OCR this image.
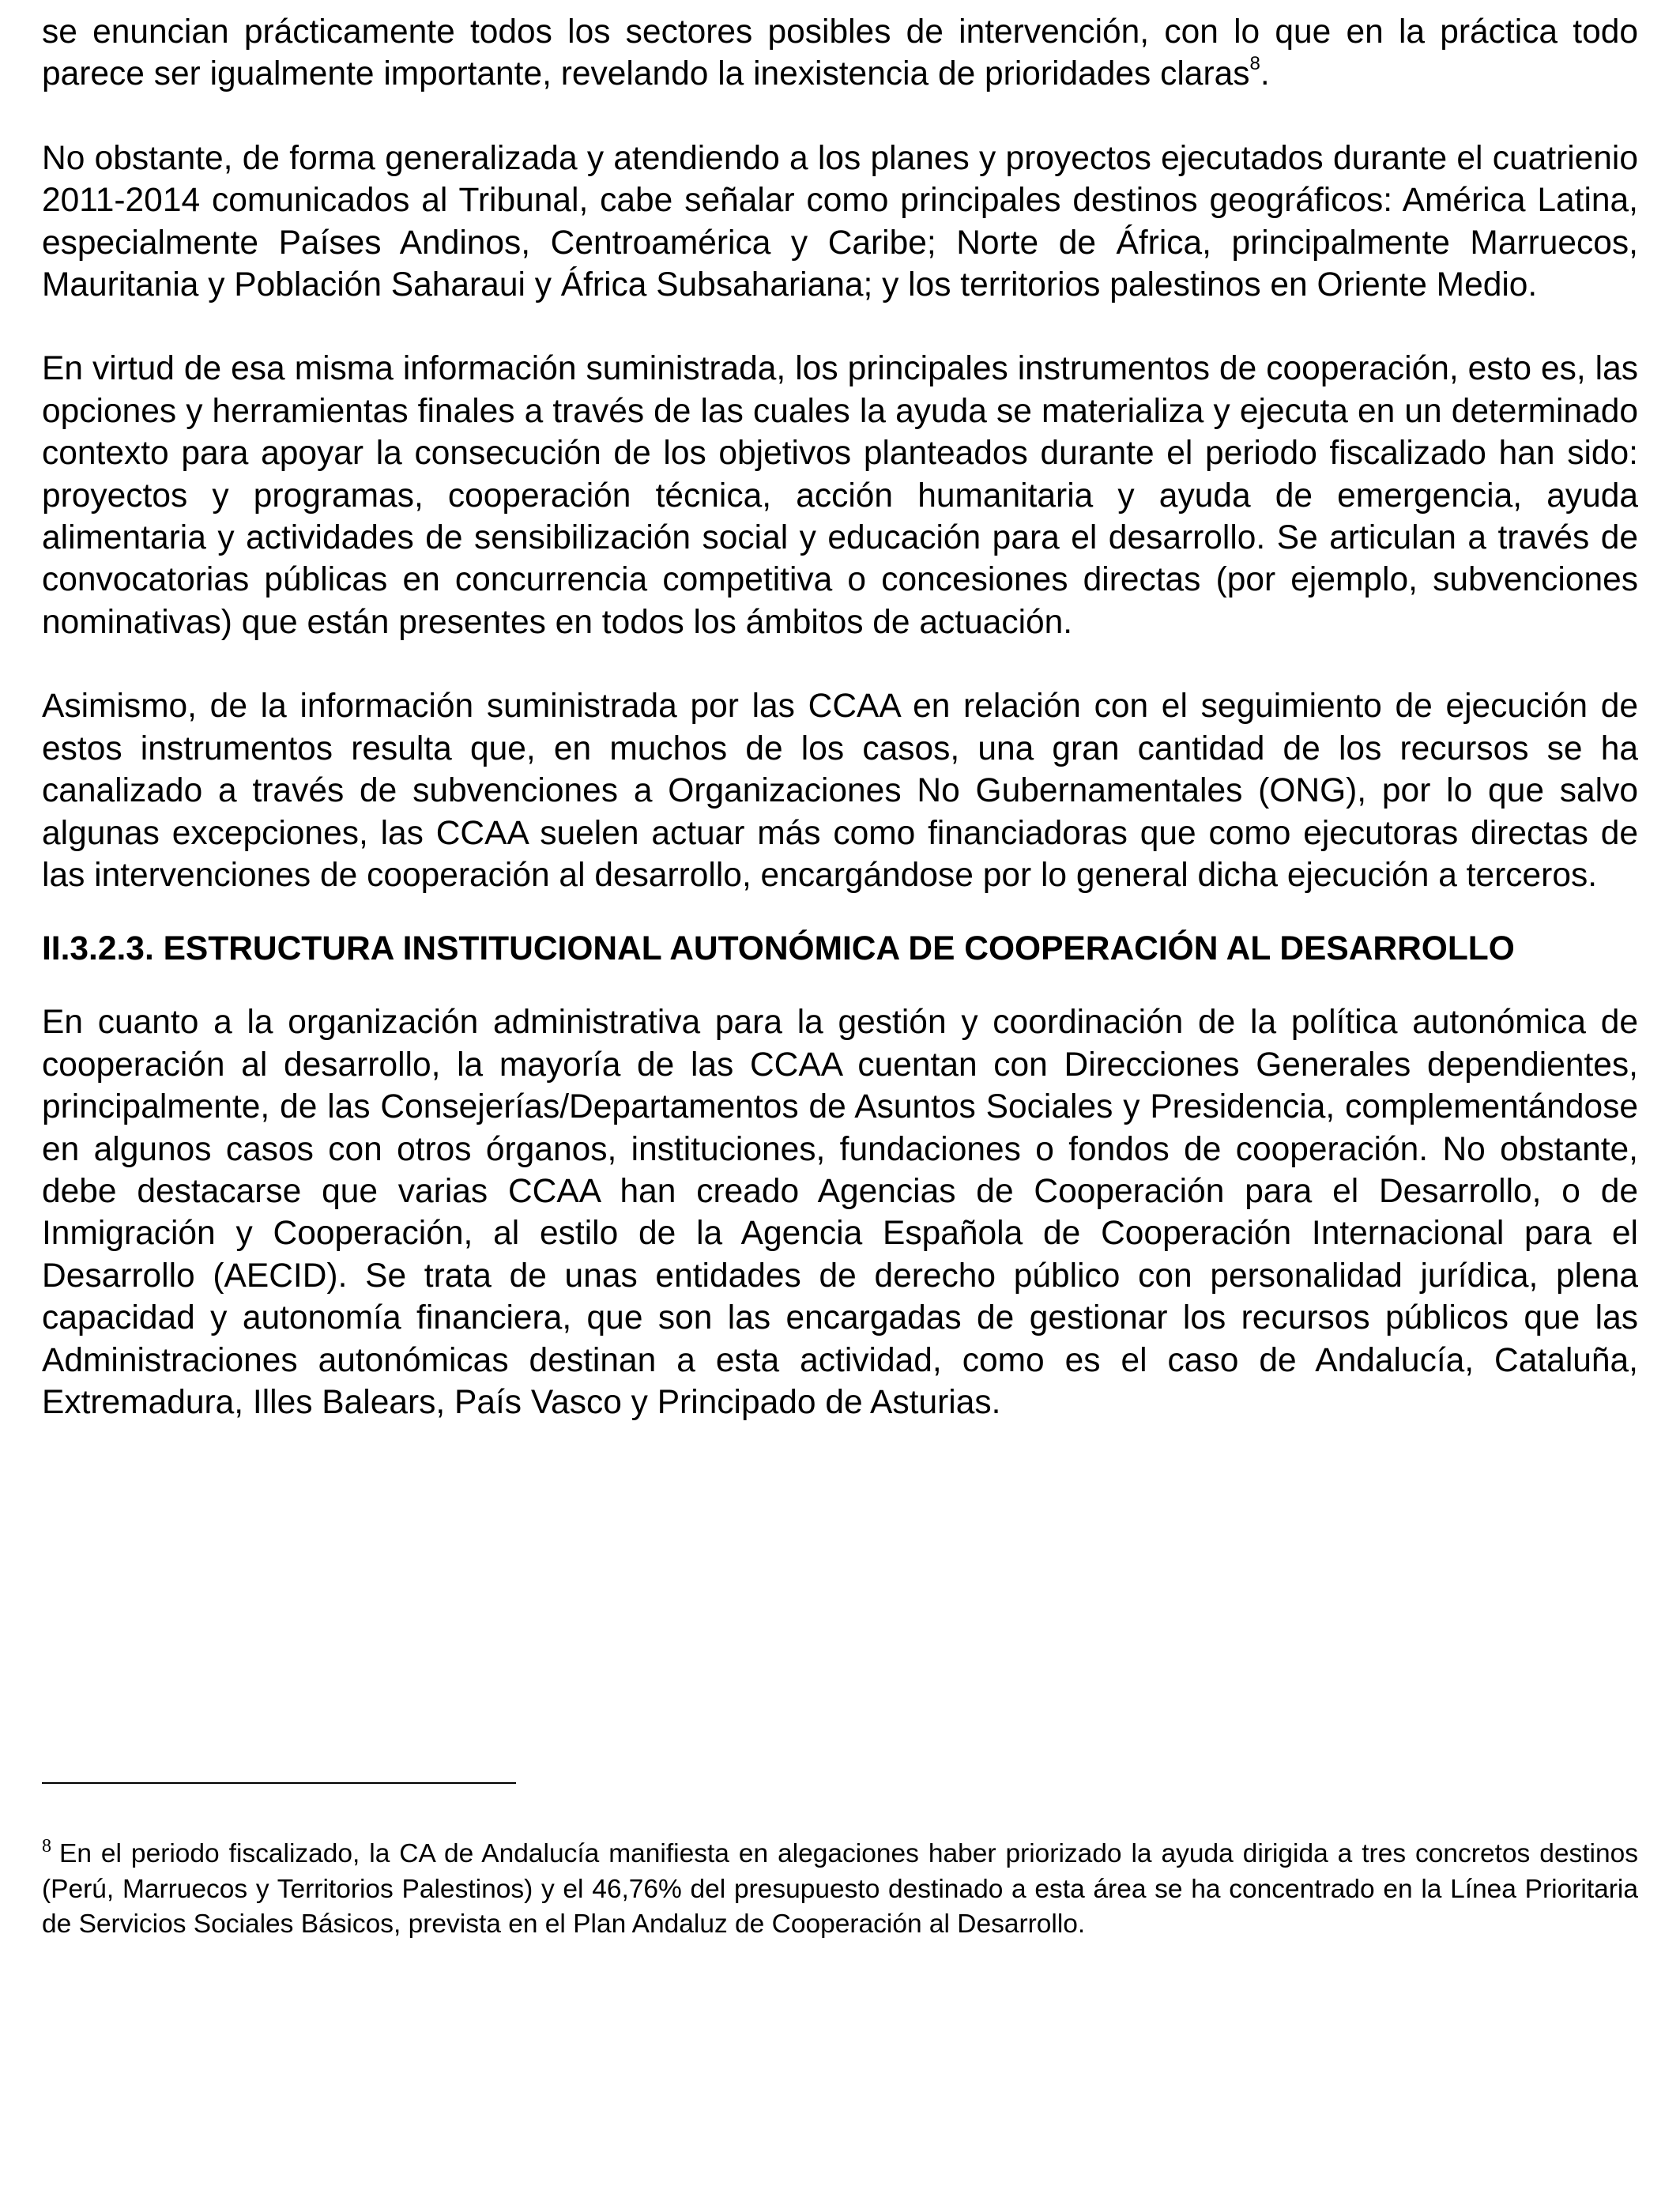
se enuncian prácticamente todos los sectores posibles de intervención, con lo que en la práctica todo parece ser igualmente importante, revelando la inexistencia de prioridades claras$^8$.

No obstante, de forma generalizada y atendiendo a los planes y proyectos ejecutados durante el cuatrienio 2011-2014 comunicados al Tribunal, cabe señalar como principales destinos geográficos: América Latina, especialmente Países Andinos, Centroamérica y Caribe; Norte de África, principalmente Marruecos, Mauritania y Población Saharaui y África Subsahariana; y los territorios palestinos en Oriente Medio.

En virtud de esa misma información suministrada, los principales instrumentos de cooperación, esto es, las opciones y herramientas finales a través de las cuales la ayuda se materializa y ejecuta en un determinado contexto para apoyar la consecución de los objetivos planteados durante el periodo fiscalizado han sido: proyectos y programas, cooperación técnica, acción humanitaria y ayuda de emergencia, ayuda alimentaria y actividades de sensibilización social y educación para el desarrollo. Se articulan a través de convocatorias públicas en concurrencia competitiva o concesiones directas (por ejemplo, subvenciones nominativas) que están presentes en todos los ámbitos de actuación.

Asimismo, de la información suministrada por las CCAA en relación con el seguimiento de ejecución de estos instrumentos resulta que, en muchos de los casos, una gran cantidad de los recursos se ha canalizado a través de subvenciones a Organizaciones No Gubernamentales (ONG), por lo que salvo algunas excepciones, las CCAA suelen actuar más como financiadoras que como ejecutoras directas de las intervenciones de cooperación al desarrollo, encargándose por lo general dicha ejecución a terceros.

II.3.2.3. ESTRUCTURA INSTITUCIONAL AUTONÓMICA DE COOPERACIÓN AL DESARROLLO

En cuanto a la organización administrativa para la gestión y coordinación de la política autonómica de cooperación al desarrollo, la mayoría de las CCAA cuentan con Direcciones Generales dependientes, principalmente, de las Consejerías/Departamentos de Asuntos Sociales y Presidencia, complementándose en algunos casos con otros órganos, instituciones, fundaciones o fondos de cooperación. No obstante, debe destacarse que varias CCAA han creado Agencias de Cooperación para el Desarrollo, o de Inmigración y Cooperación, al estilo de la Agencia Española de Cooperación Internacional para el Desarrollo (AECID). Se trata de unas entidades de derecho público con personalidad jurídica, plena capacidad y autonomía financiera, que son las encargadas de gestionar los recursos públicos que las Administraciones autonómicas destinan a esta actividad, como es el caso de Andalucía, Cataluña, Extremadura, Illes Balears, País Vasco y Principado de Asturias.

$^8$ En el periodo fiscalizado, la CA de Andalucía manifiesta en alegaciones haber priorizado la ayuda dirigida a tres concretos destinos (Perú, Marruecos y Territorios Palestinos) y el 46,76% del presupuesto destinado a esta área se ha concentrado en la Línea Prioritaria de Servicios Sociales Básicos, prevista en el Plan Andaluz de Cooperación al Desarrollo.
